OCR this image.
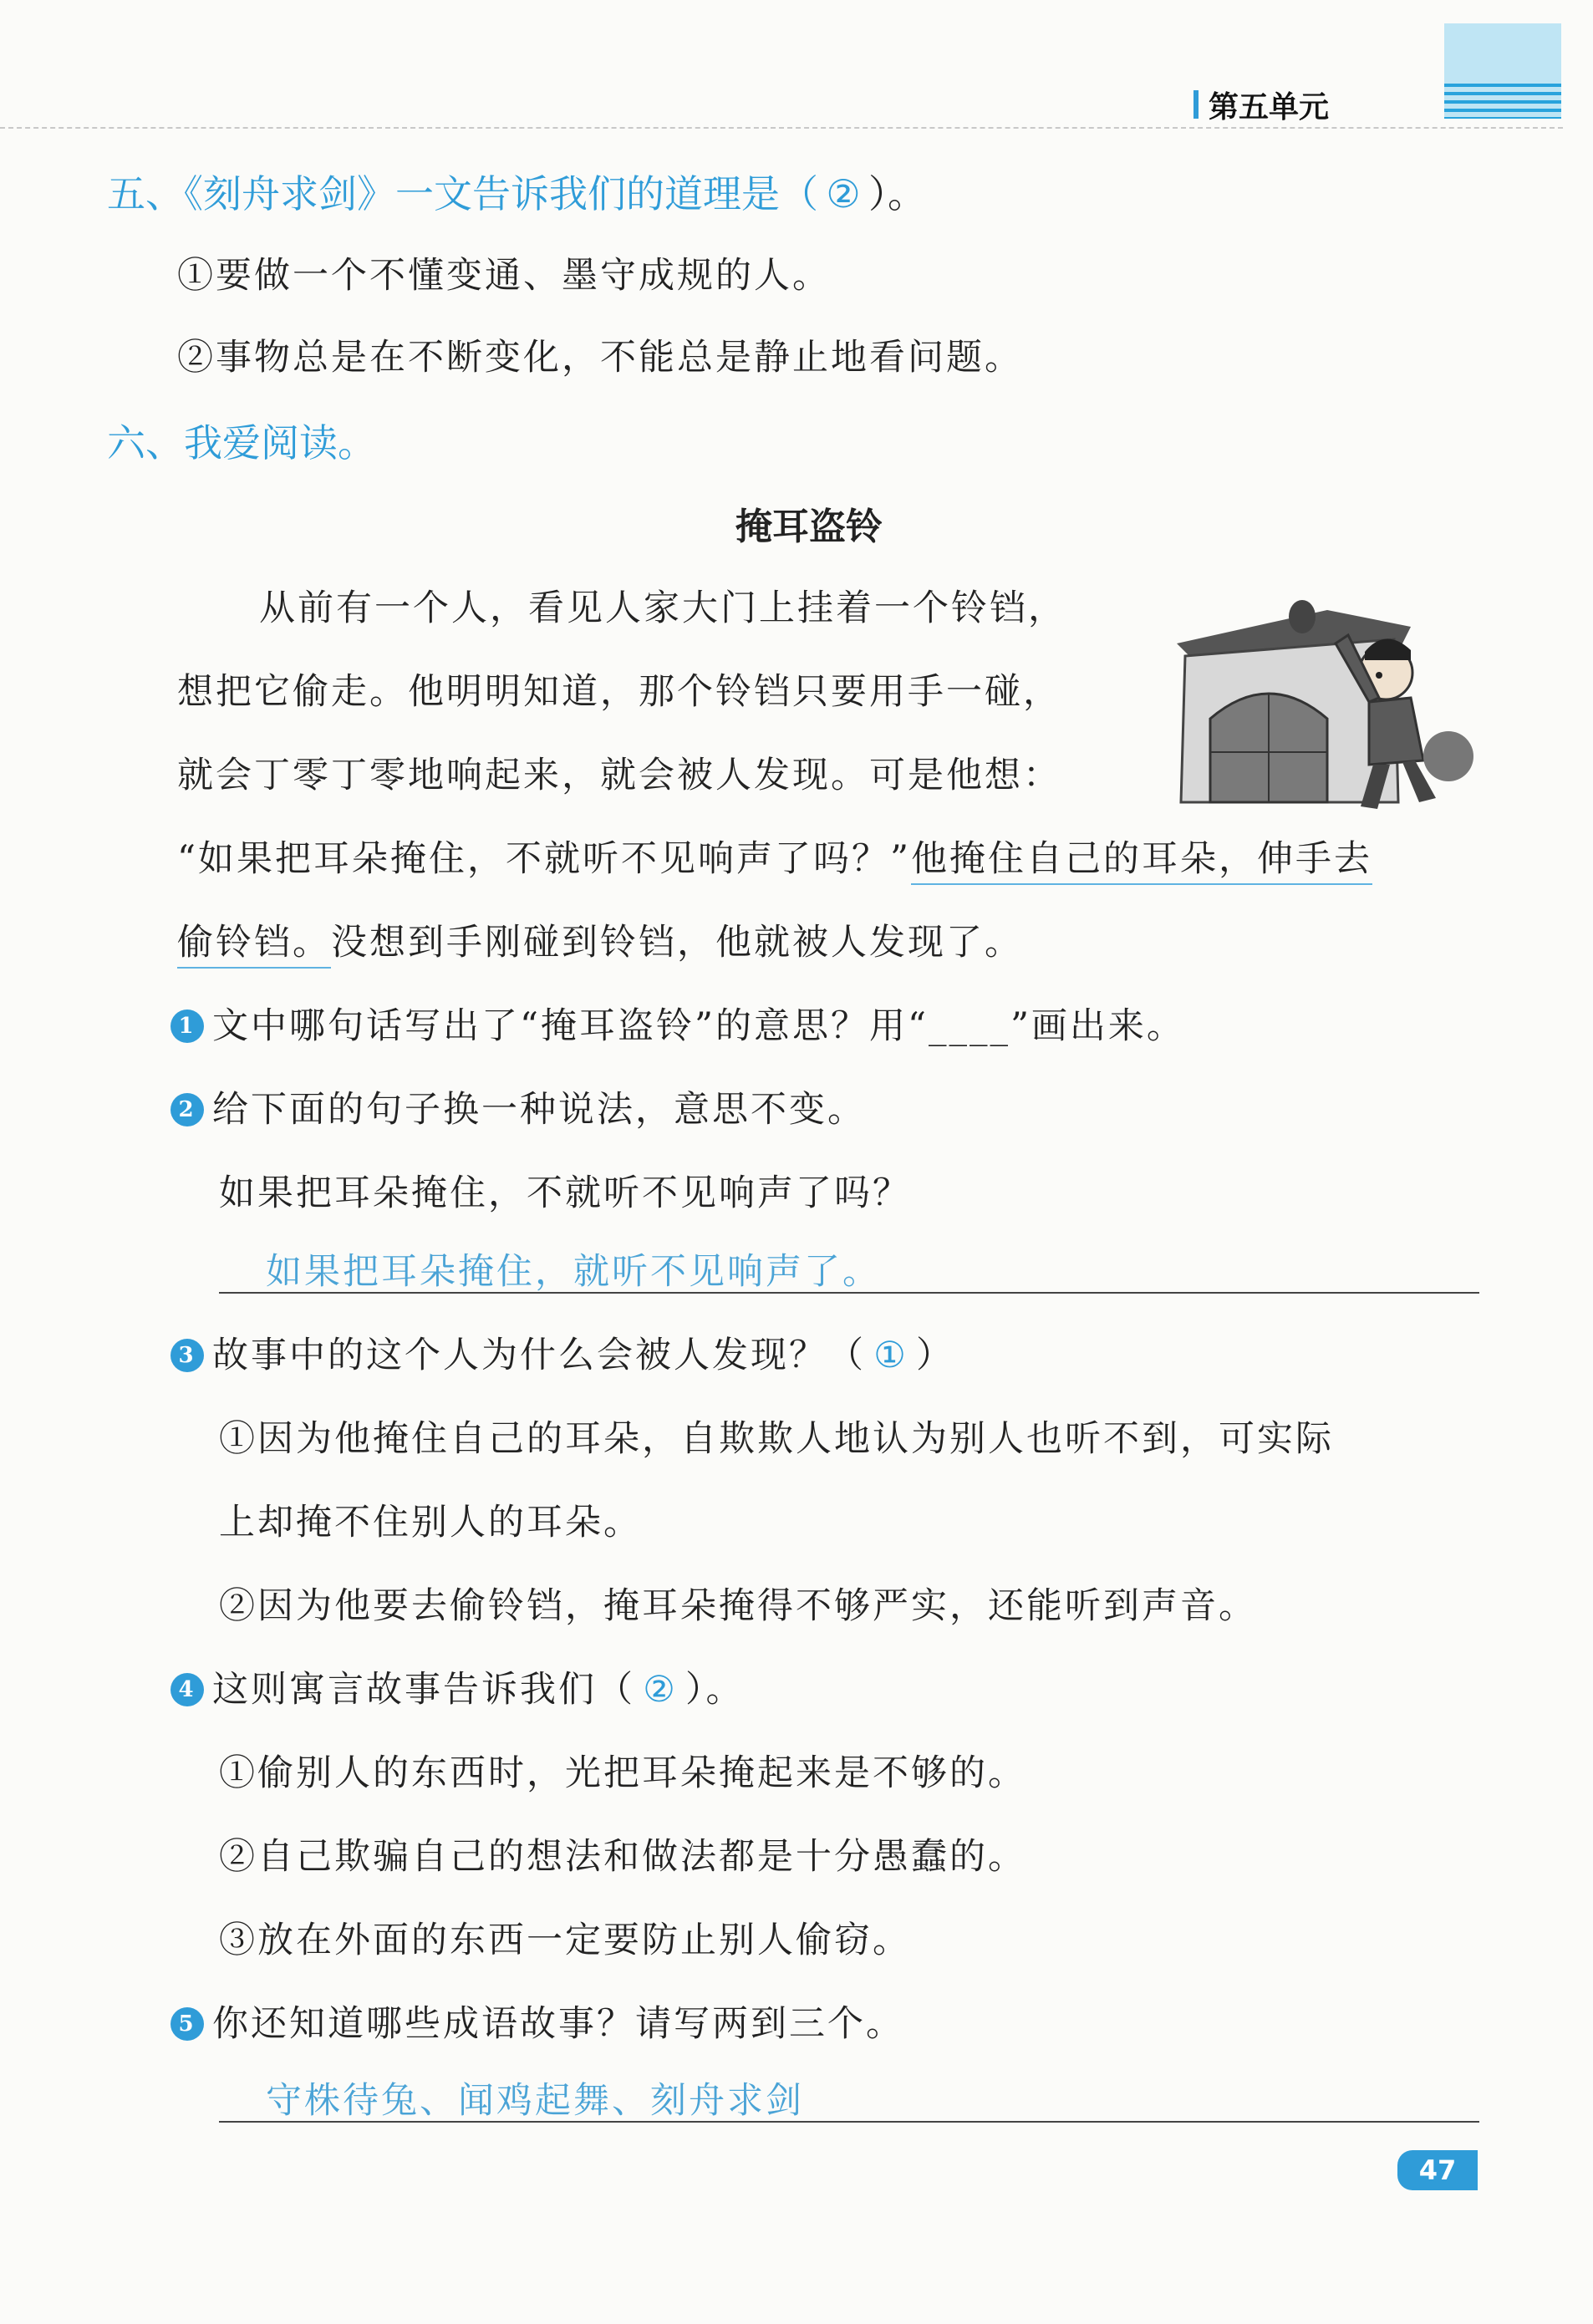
第五单元
五、《刻舟求剑》一文告诉我们的道理是（ ② ）。
①要做一个不懂变通、墨守成规的人。
②事物总是在不断变化，不能总是静止地看问题。
六、我爱阅读。
掩耳盗铃
从前有一个人，看见人家大门上挂着一个铃铛，
想把它偷走。他明明知道，那个铃铛只要用手一碰，
就会丁零丁零地响起来，就会被人发现。可是他想：
“如果把耳朵掩住，不就听不见响声了吗？”他掩住自己的耳朵，伸手去
偷铃铛。没想到手刚碰到铃铛，他就被人发现了。
1 文中哪句话写出了“掩耳盗铃”的意思？用“____”画出来。
2 给下面的句子换一种说法，意思不变。
如果把耳朵掩住，不就听不见响声了吗？
如果把耳朵掩住，就听不见响声了。
3 故事中的这个人为什么会被人发现？（ ① ）
①因为他掩住自己的耳朵，自欺欺人地认为别人也听不到，可实际
上却掩不住别人的耳朵。
②因为他要去偷铃铛，掩耳朵掩得不够严实，还能听到声音。
4 这则寓言故事告诉我们（ ② ）。
①偷别人的东西时，光把耳朵掩起来是不够的。
②自己欺骗自己的想法和做法都是十分愚蠢的。
③放在外面的东西一定要防止别人偷窃。
5 你还知道哪些成语故事？请写两到三个。
守株待兔、闻鸡起舞、刻舟求剑
47
